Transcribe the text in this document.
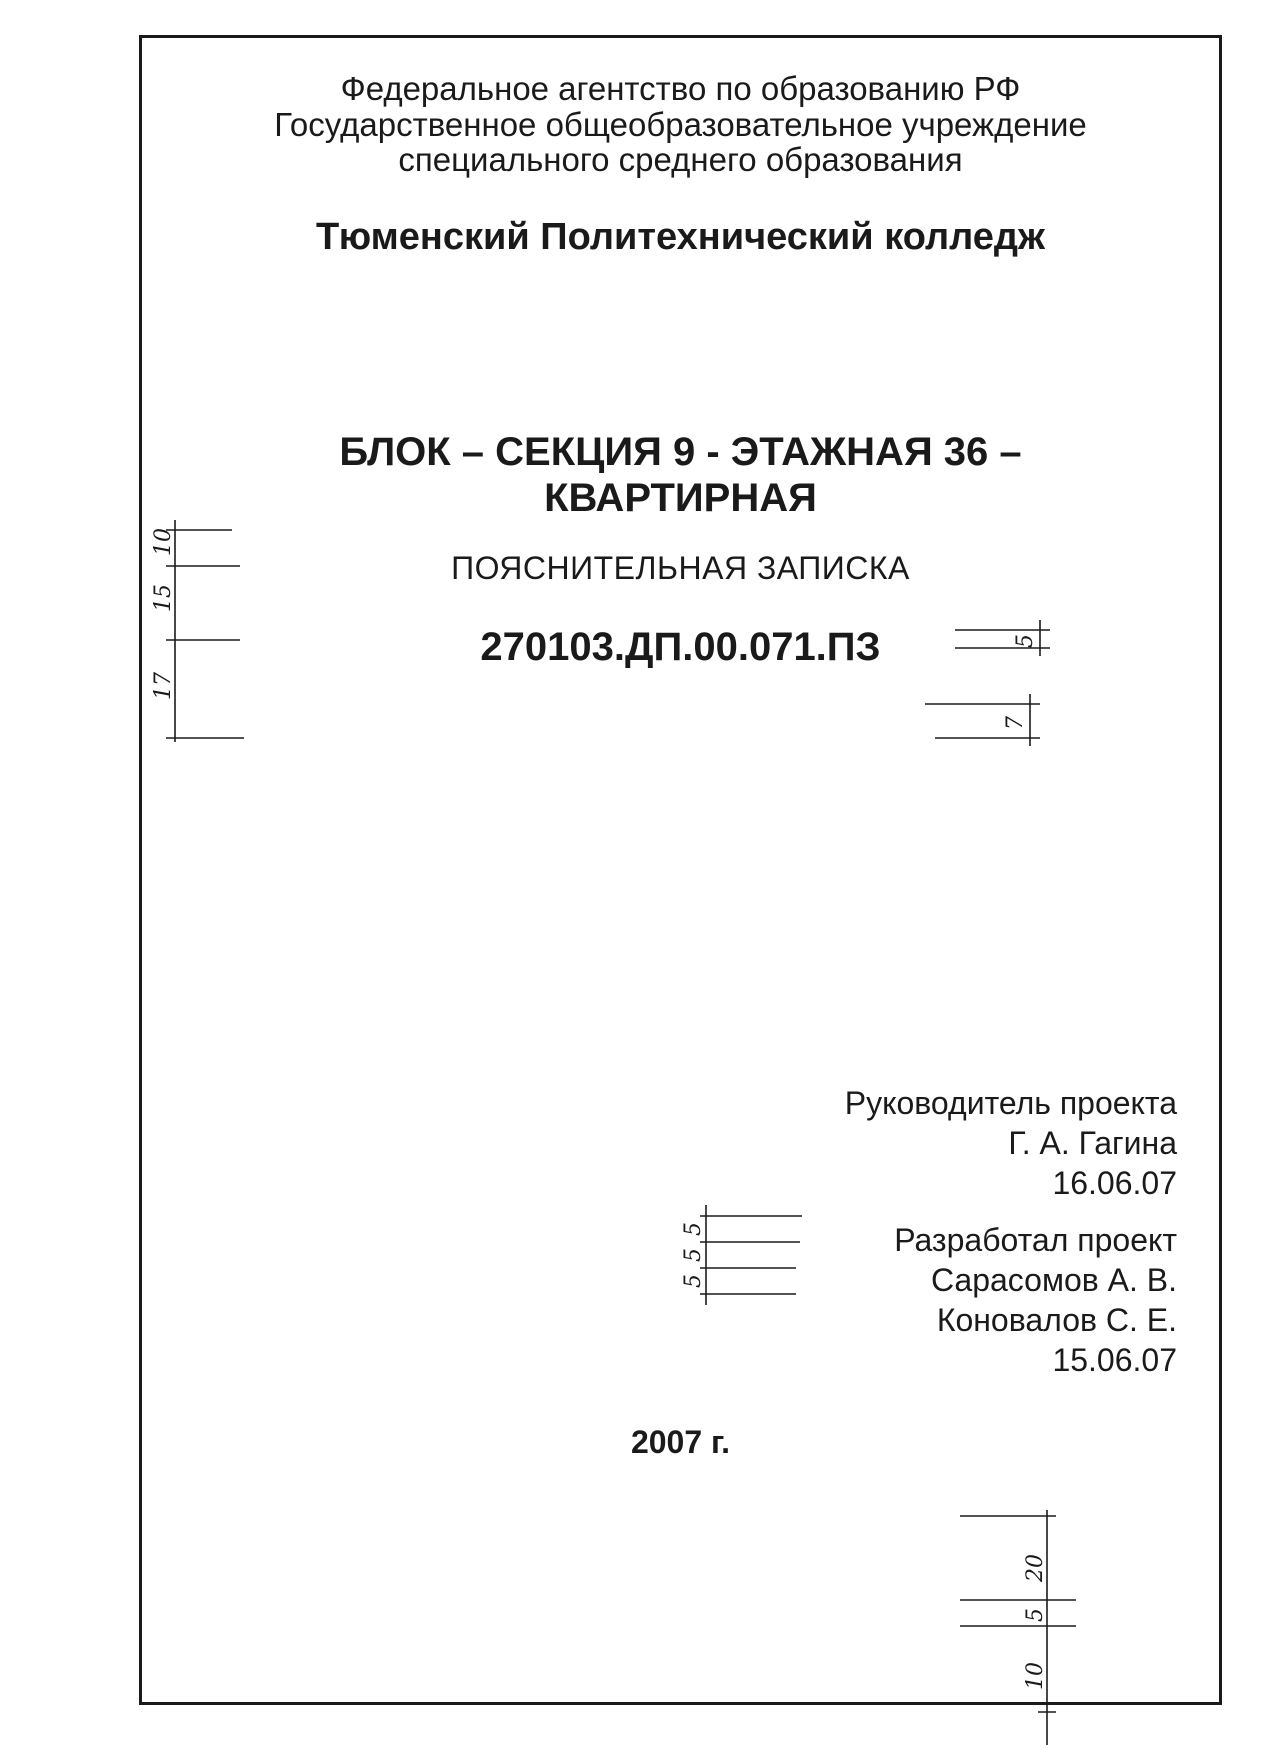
Федеральное агентство по образованию РФ
Государственное общеобразовательное учреждение
специального среднего образования
Тюменский Политехнический колледж
БЛОК – СЕКЦИЯ 9 - ЭТАЖНАЯ 36 –
КВАРТИРНАЯ
ПОЯСНИТЕЛЬНАЯ ЗАПИСКА
270103.ДП.00.071.ПЗ
Руководитель проекта
Г. А. Гагина
16.06.07
Разработал проект
Сарасомов А. В.
Коновалов С. Е.
15.06.07
2007 г.
10
15
17
5
7
5
5
5
20
5
10
